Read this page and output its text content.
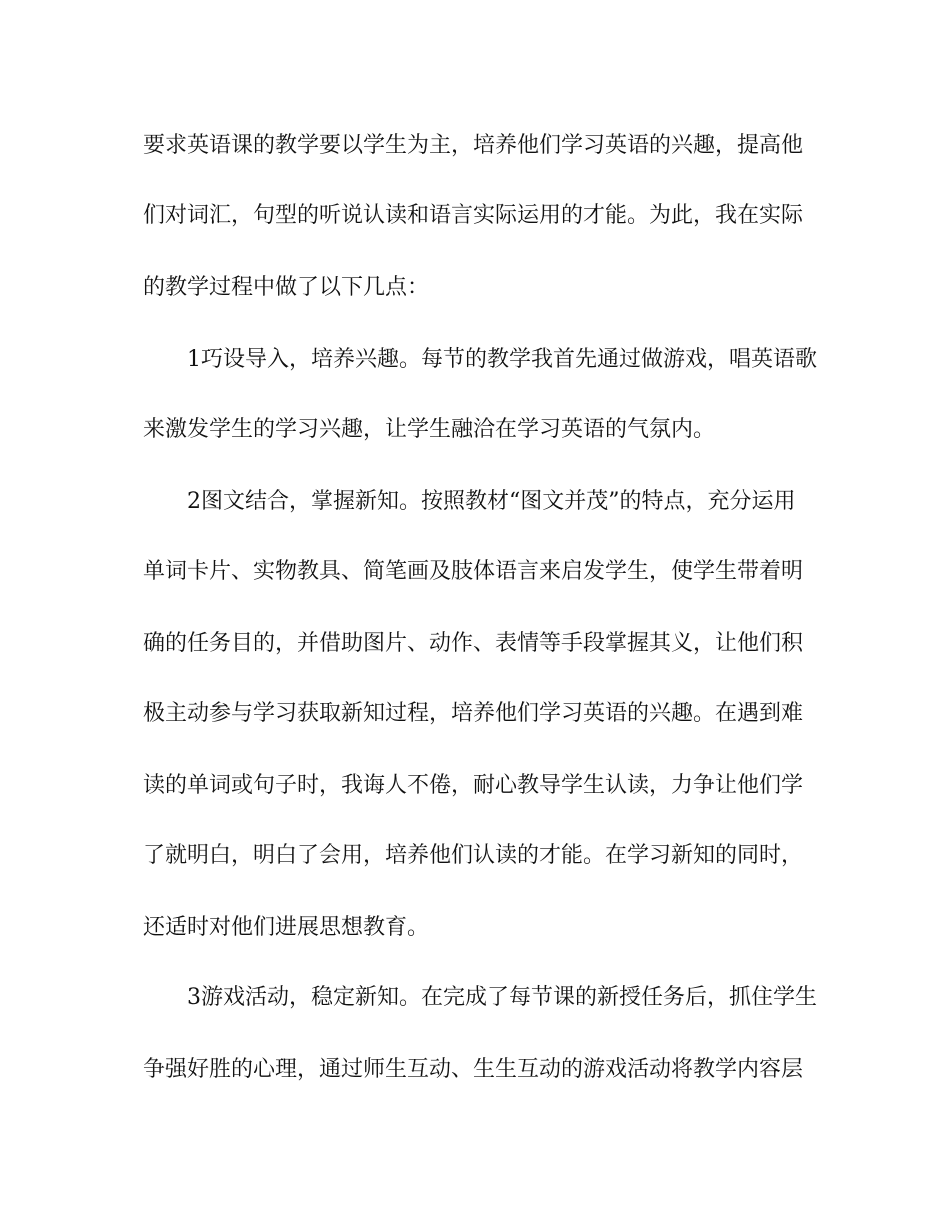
要求英语课的教学要以学生为主，培养他们学习英语的兴趣，提高他
们对词汇，句型的听说认读和语言实际运用的才能。为此，我在实际
的教学过程中做了以下几点：
1巧设导入，培养兴趣。每节的教学我首先通过做游戏，唱英语歌
来激发学生的学习兴趣，让学生融洽在学习英语的气氛内。
2图文结合，掌握新知。按照教材“图文并茂”的特点，充分运用
单词卡片、实物教具、简笔画及肢体语言来启发学生，使学生带着明
确的任务目的，并借助图片、动作、表情等手段掌握其义，让他们积
极主动参与学习获取新知过程，培养他们学习英语的兴趣。在遇到难
读的单词或句子时，我诲人不倦，耐心教导学生认读，力争让他们学
了就明白，明白了会用，培养他们认读的才能。在学习新知的同时，
还适时对他们进展思想教育。
3游戏活动，稳定新知。在完成了每节课的新授任务后，抓住学生
争强好胜的心理，通过师生互动、生生互动的游戏活动将教学内容层
